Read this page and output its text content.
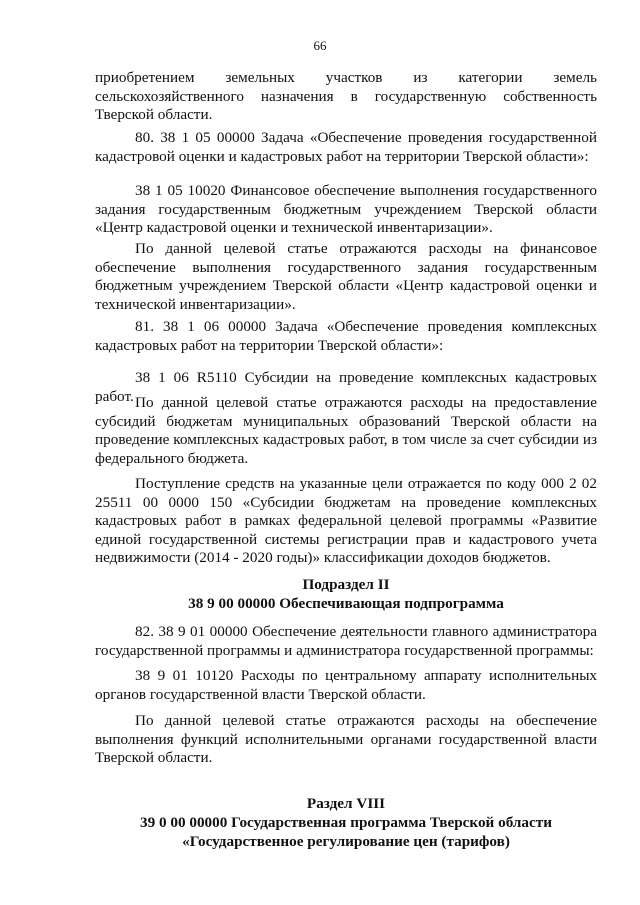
66
приобретением земельных участков из категории земель
сельскохозяйственного назначения в государственную собственность
Тверской области.
80. 38 1 05 00000 Задача «Обеспечение проведения государственной кадастровой оценки и кадастровых работ на территории Тверской области»:
38 1 05 10020 Финансовое обеспечение выполнения государственного задания государственным бюджетным учреждением Тверской области «Центр кадастровой оценки и технической инвентаризации».
По данной целевой статье отражаются расходы на финансовое обеспечение выполнения государственного задания государственным бюджетным учреждением Тверской области «Центр кадастровой оценки и технической инвентаризации».
81. 38 1 06 00000 Задача «Обеспечение проведения комплексных кадастровых работ на территории Тверской области»:
38 1 06 R5110 Субсидии на проведение комплексных кадастровых работ. По данной целевой статье отражаются расходы на предоставление субсидий бюджетам муниципальных образований Тверской области на проведение комплексных кадастровых работ, в том числе за счет субсидии из федерального бюджета.
Поступление средств на указанные цели отражается по коду 000 2 02 25511 00 0000 150 «Субсидии бюджетам на проведение комплексных кадастровых работ в рамках федеральной целевой программы «Развитие единой государственной системы регистрации прав и кадастрового учета недвижимости (2014 - 2020 годы)» классификации доходов бюджетов.
Подраздел II
38 9 00 00000 Обеспечивающая подпрограмма
82. 38 9 01 00000 Обеспечение деятельности главного администратора государственной программы и администратора государственной программы:
38 9 01 10120 Расходы по центральному аппарату исполнительных органов государственной власти Тверской области.
По данной целевой статье отражаются расходы на обеспечение выполнения функций исполнительными органами государственной власти Тверской области.
Раздел VIII
39 0 00 00000 Государственная программа Тверской области
«Государственное регулирование цен (тарифов)
